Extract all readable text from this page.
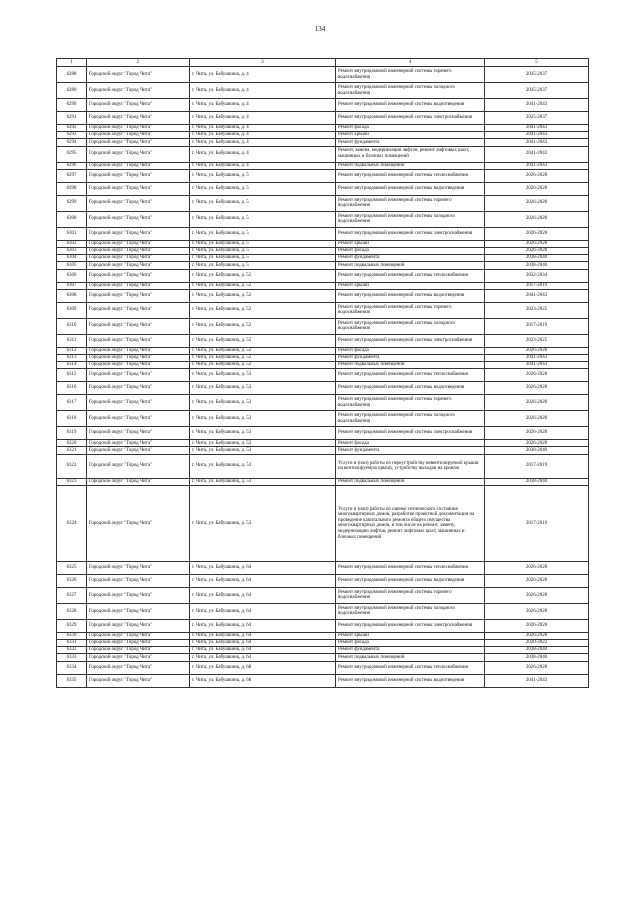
134
1	2	3	4	5
6288	Городской округ "Город Чита"	г. Чита, ул. Бабушкина, д. 4	Ремонт внутридомовой инженерной системы горячего водоснабжения	2035-2037
6289	Городской округ "Город Чита"	г. Чита, ул. Бабушкина, д. 4	Ремонт внутридомовой инженерной системы холодного водоснабжения	2035-2037
6290	Городской округ "Город Чита"	г. Чита, ул. Бабушкина, д. 4	Ремонт внутридомовой инженерной системы водоотведения	2041-2043
6291	Городской округ "Город Чита"	г. Чита, ул. Бабушкина, д. 4	Ремонт внутридомовой инженерной системы электроснабжения	2035-2037
6292	Городской округ "Город Чита"	г. Чита, ул. Бабушкина, д. 4	Ремонт фасада	2041-2043
6293	Городской округ "Город Чита"	г. Чита, ул. Бабушкина, д. 4	Ремонт крыши	2041-2043
6294	Городской округ "Город Чита"	г. Чита, ул. Бабушкина, д. 4	Ремонт фундамента	2041-2043
6295	Городской округ "Город Чита"	г. Чита, ул. Бабушкина, д. 4	Ремонт, замена, модернизация лифтов, ремонт лифтовых шахт, машинных и блочных помещений	2041-2043
6296	Городской округ "Город Чита"	г. Чита, ул. Бабушкина, д. 4	Ремонт подвальных помещений	2041-2043
6297	Городской округ "Город Чита"	г. Чита, ул. Бабушкина, д. 5	Ремонт внутридомовой инженерной системы теплоснабжения	2026-2028
6298	Городской округ "Город Чита"	г. Чита, ул. Бабушкина, д. 5	Ремонт внутридомовой инженерной системы водоотведения	2026-2028
6299	Городской округ "Город Чита"	г. Чита, ул. Бабушкина, д. 5	Ремонт внутридомовой инженерной системы горячего водоснабжения	2026-2028
6300	Городской округ "Город Чита"	г. Чита, ул. Бабушкина, д. 5	Ремонт внутридомовой инженерной системы холодного водоснабжения	2026-2028
6301	Городской округ "Город Чита"	г. Чита, ул. Бабушкина, д. 5	Ремонт внутридомовой инженерной системы электроснабжения	2026-2028
6302	Городской округ "Город Чита"	г. Чита, ул. Бабушкина, д. 5	Ремонт крыши	2026-2028
6303	Городской округ "Город Чита"	г. Чита, ул. Бабушкина, д. 5	Ремонт фасада	2026-2028
6304	Городской округ "Город Чита"	г. Чита, ул. Бабушкина, д. 5	Ремонт фундамента	2038-2040
6305	Городской округ "Город Чита"	г. Чита, ул. Бабушкина, д. 5	Ремонт подвальных помещений	2038-2040
6306	Городской округ "Город Чита"	г. Чита, ул. Бабушкина, д. 52	Ремонт внутридомовой инженерной системы теплоснабжения	2032-2034
6307	Городской округ "Город Чита"	г. Чита, ул. Бабушкина, д. 52	Ремонт крыши	2017-2019
6308	Городской округ "Город Чита"	г. Чита, ул. Бабушкина, д. 52	Ремонт внутридомовой инженерной системы водоотведения	2041-2043
6309	Городской округ "Город Чита"	г. Чита, ул. Бабушкина, д. 52	Ремонт внутридомовой инженерной системы горячего водоснабжения	2023-2025
6310	Городской округ "Город Чита"	г. Чита, ул. Бабушкина, д. 52	Ремонт внутридомовой инженерной системы холодного водоснабжения	2017-2019
6311	Городской округ "Город Чита"	г. Чита, ул. Бабушкина, д. 52	Ремонт внутридомовой инженерной системы электроснабжения	2023-2025
6312	Городской округ "Город Чита"	г. Чита, ул. Бабушкина, д. 52	Ремонт фасада	2026-2028
6313	Городской округ "Город Чита"	г. Чита, ул. Бабушкина, д. 52	Ремонт фундамента	2041-2043
6314	Городской округ "Город Чита"	г. Чита, ул. Бабушкина, д. 52	Ремонт подвальных помещений	2041-2043
6315	Городской округ "Город Чита"	г. Чита, ул. Бабушкина, д. 53	Ремонт внутридомовой инженерной системы теплоснабжения	2026-2028
6316	Городской округ "Город Чита"	г. Чита, ул. Бабушкина, д. 53	Ремонт внутридомовой инженерной системы водоотведения	2026-2028
6317	Городской округ "Город Чита"	г. Чита, ул. Бабушкина, д. 53	Ремонт внутридомовой инженерной системы горячего водоснабжения	2026-2028
6318	Городской округ "Город Чита"	г. Чита, ул. Бабушкина, д. 53	Ремонт внутридомовой инженерной системы холодного водоснабжения	2026-2028
6319	Городской округ "Город Чита"	г. Чита, ул. Бабушкина, д. 53	Ремонт внутридомовой инженерной системы электроснабжения	2026-2028
6320	Городской округ "Город Чита"	г. Чита, ул. Бабушкина, д. 53	Ремонт фасада	2026-2028
6321	Городской округ "Город Чита"	г. Чита, ул. Бабушкина, д. 53	Ремонт фундамента	2038-2040
6322	Городской округ "Город Чита"	г. Чита, ул. Бабушкина, д. 53	Услуги и (или) работы по переустройству невентилируемой крыши на вентилируемую крышу, устройству выходов на кровлю	2017-2019
6323	Городской округ "Город Чита"	г. Чита, ул. Бабушкина, д. 53	Ремонт подвальных помещений	2038-2040
6324	Городской округ "Город Чита"	г. Чита, ул. Бабушкина, д. 53	Услуги и (или) работы по оценке технического состояния многоквартирных домов, разработке проектной документации на проведение капитального ремонта общего имущества многоквартирных домов, в том числе на ремонт, замену, модернизацию лифтов, ремонт лифтовых шахт, машинных и блочных помещений	2017-2019
6325	Городской округ "Город Чита"	г. Чита, ул. Бабушкина, д. 64	Ремонт внутридомовой инженерной системы теплоснабжения	2026-2028
6326	Городской округ "Город Чита"	г. Чита, ул. Бабушкина, д. 64	Ремонт внутридомовой инженерной системы водоотведения	2026-2028
6327	Городской округ "Город Чита"	г. Чита, ул. Бабушкина, д. 64	Ремонт внутридомовой инженерной системы горячего водоснабжения	2026-2028
6328	Городской округ "Город Чита"	г. Чита, ул. Бабушкина, д. 64	Ремонт внутридомовой инженерной системы холодного водоснабжения	2026-2028
6329	Городской округ "Город Чита"	г. Чита, ул. Бабушкина, д. 64	Ремонт внутридомовой инженерной системы электроснабжения	2026-2028
6330	Городской округ "Город Чита"	г. Чита, ул. Бабушкина, д. 64	Ремонт крыши	2026-2028
6331	Городской округ "Город Чита"	г. Чита, ул. Бабушкина, д. 64	Ремонт фасада	2020-2022
6332	Городской округ "Город Чита"	г. Чита, ул. Бабушкина, д. 64	Ремонт фундамента	2038-2040
6333	Городской округ "Город Чита"	г. Чита, ул. Бабушкина, д. 64	Ремонт подвальных помещений	2038-2040
6334	Городской округ "Город Чита"	г. Чита, ул. Бабушкина, д. 68	Ремонт внутридомовой инженерной системы теплоснабжения	2026-2028
6335	Городской округ "Город Чита"	г. Чита, ул. Бабушкина, д. 68	Ремонт внутридомовой инженерной системы водоотведения	2041-2043
